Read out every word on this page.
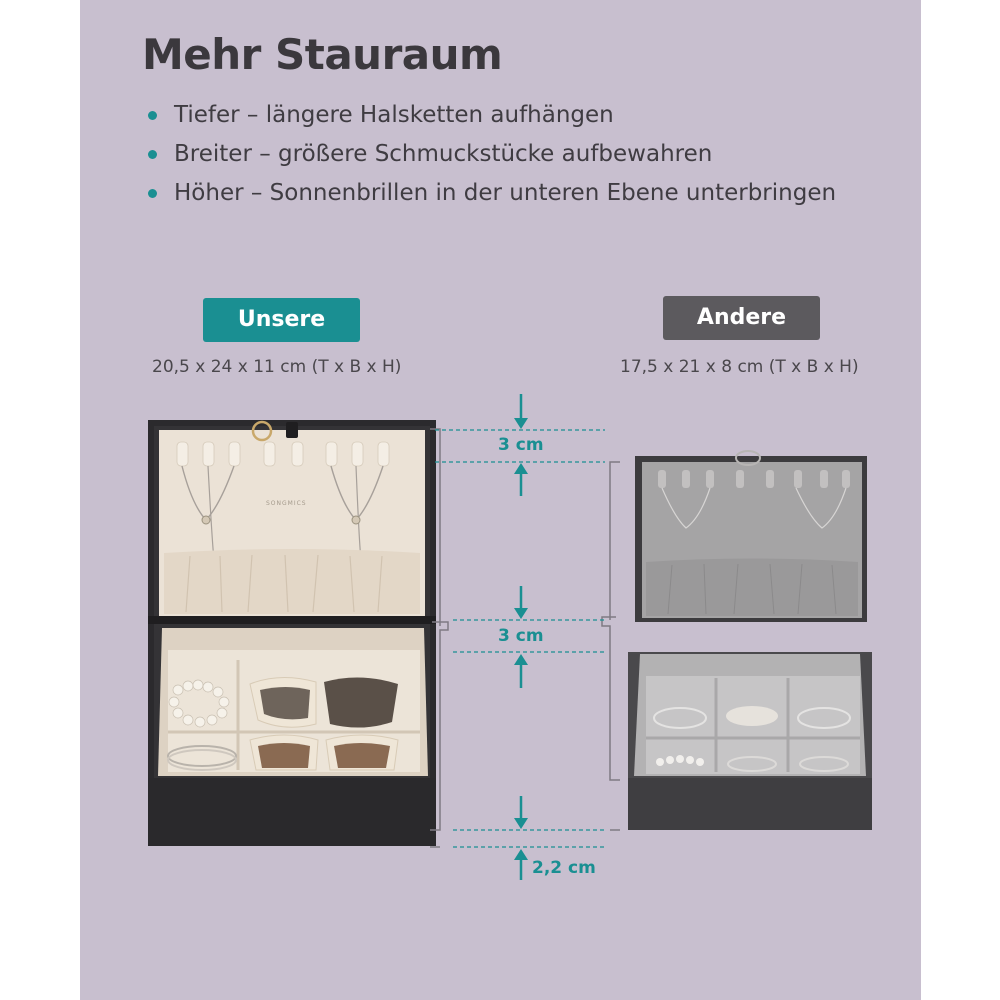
Mehr Stauraum
Tiefer – längere Halsketten aufhängen
Breiter – größere Schmuckstücke aufbewahren
Höher – Sonnenbrillen in der unteren Ebene unterbringen
Unsere	Andere
20,5 x 24 x 11 cm (T x B x H)	17,5 x 21 x 8 cm (T x B x H)
3 cm
3 cm
2,2 cm
SONGMICS
